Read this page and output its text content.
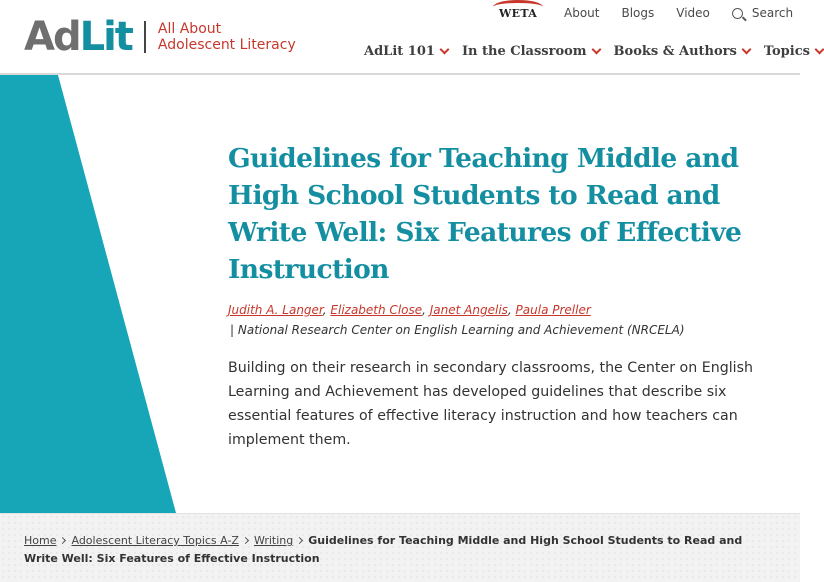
Ad Lit All About
Adolescent Literacy
WETA About Blogs Video	Search
AdLit 101 In the Classroom Books & Authors Topics
Guidelines for Teaching Middle and High School Students to Read and Write Well: Six Features of Effective Instruction
Judith A. Langer, Elizabeth Close, Janet Angelis, Paula Preller
| National Research Center on English Learning and Achievement (NRCELA)

Building on their research in secondary classrooms, the Center on English Learning and Achievement has developed guidelines that describe six essential features of effective literacy instruction and how teachers can implement them.

Home Adolescent Literacy Topics A-Z Writing Guidelines for Teaching Middle and High School Students to Read and Write Well: Six Features of Effective Instruction
